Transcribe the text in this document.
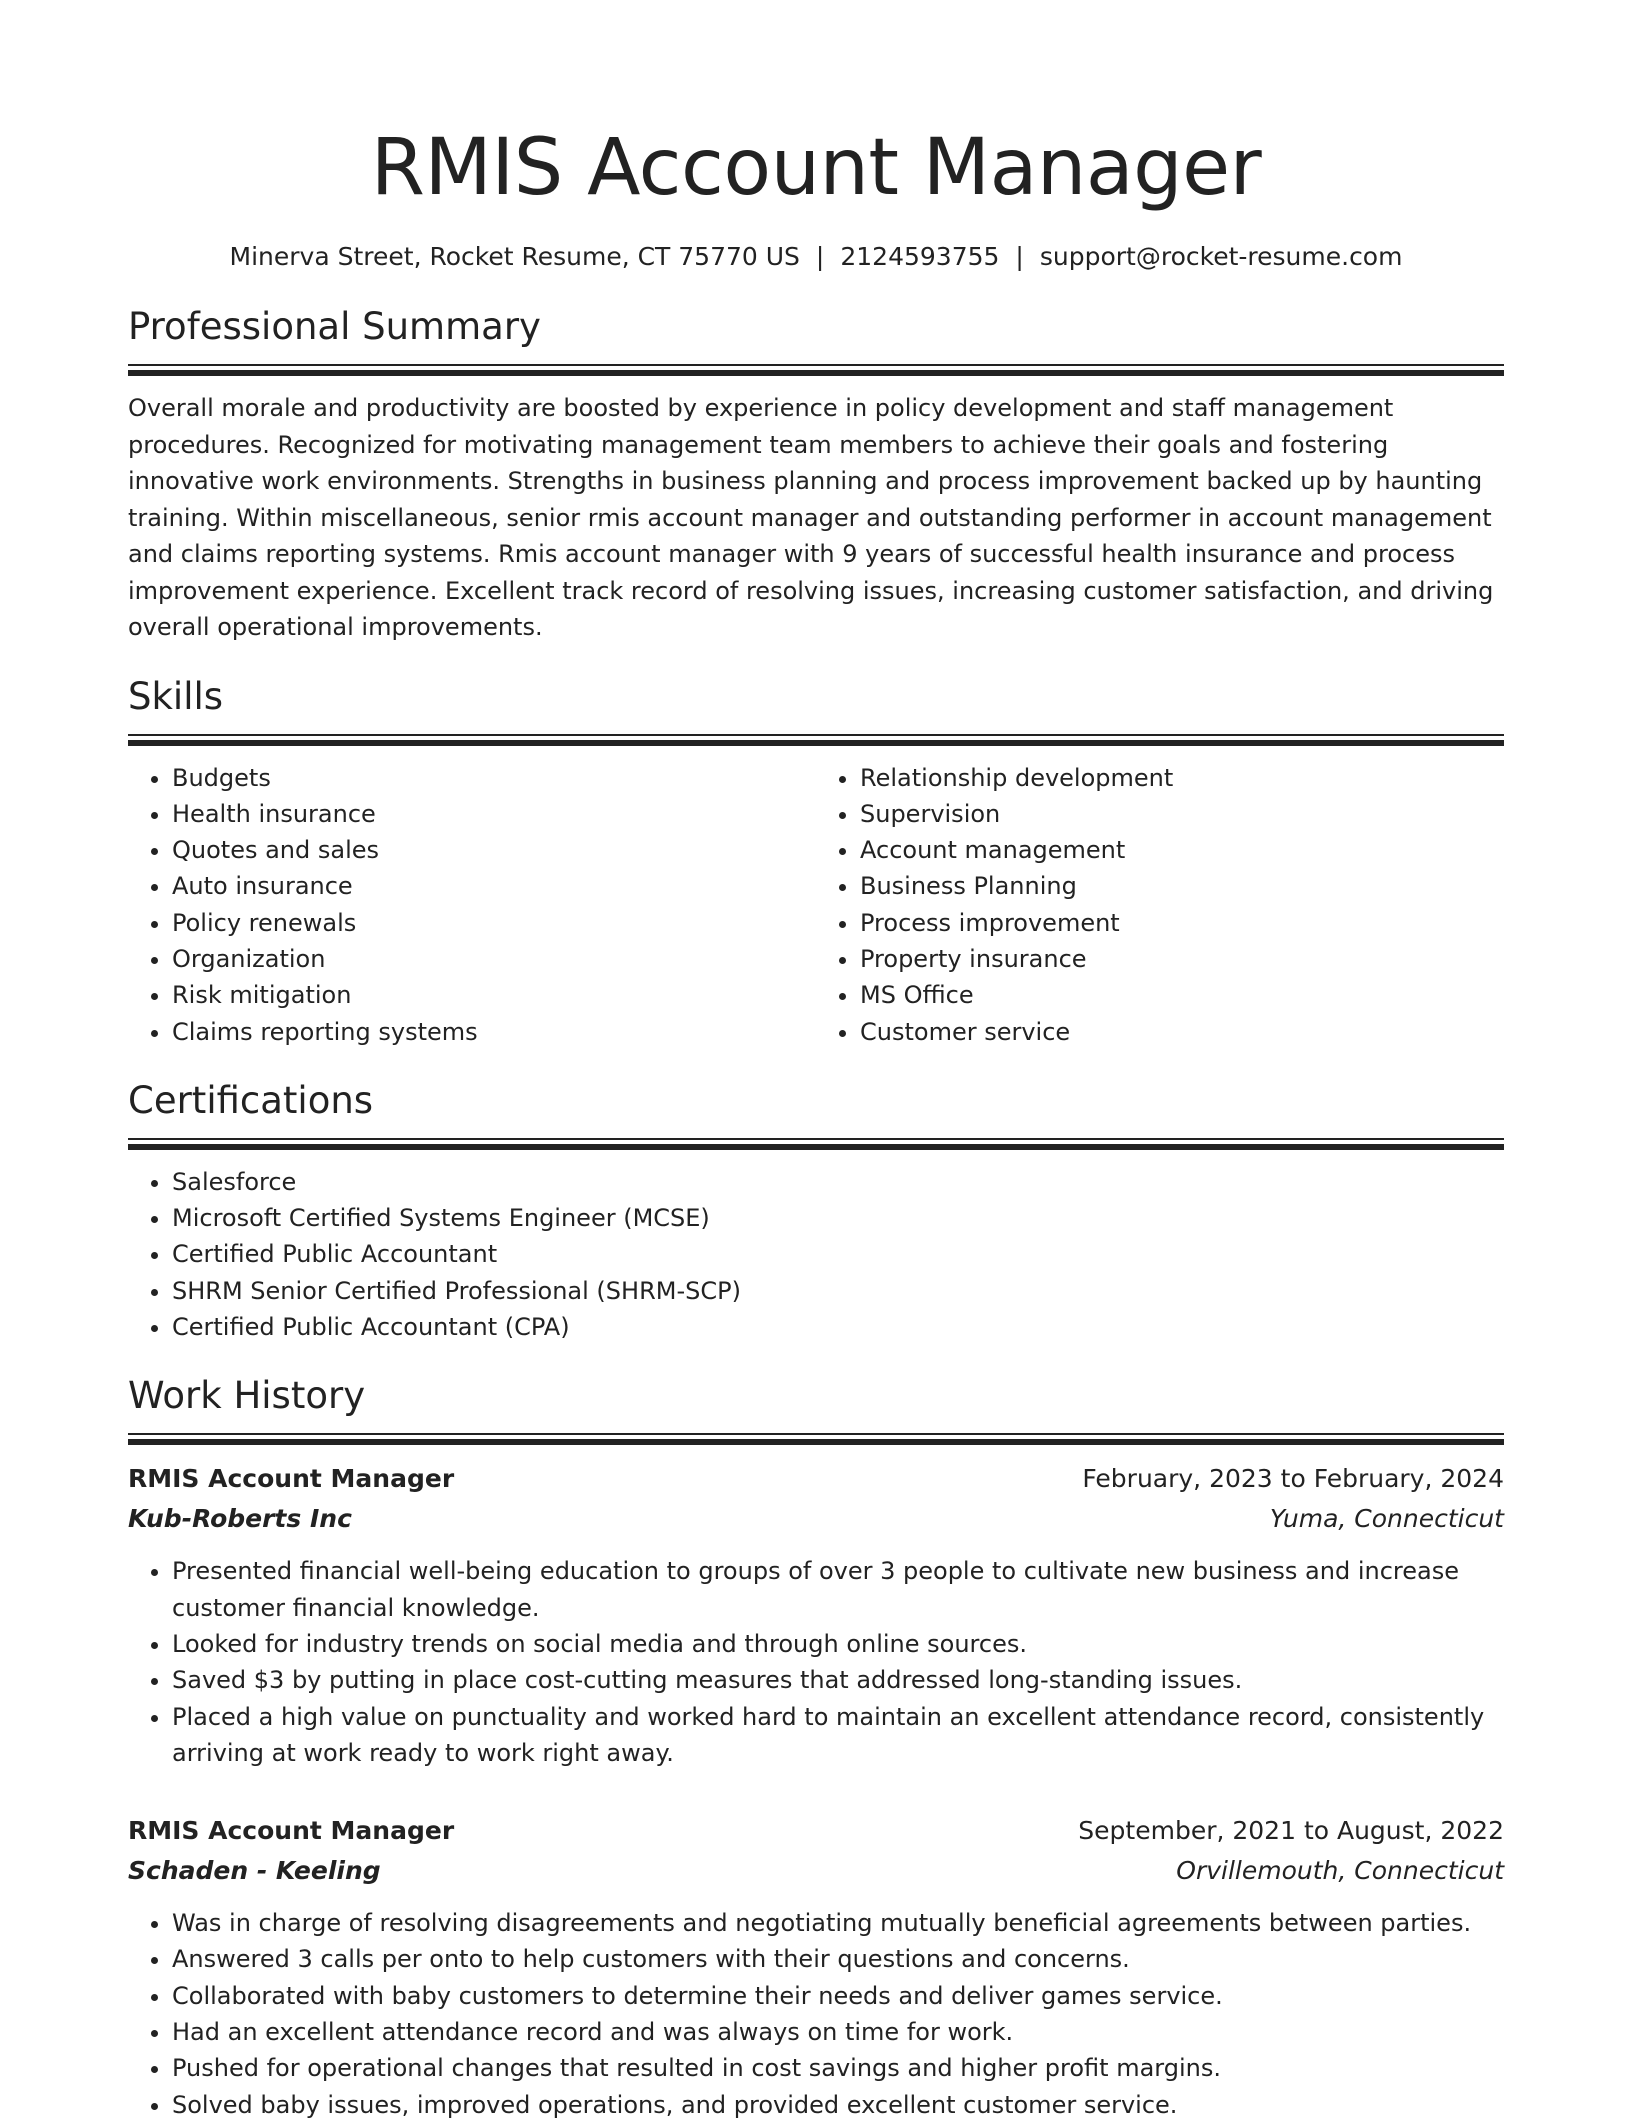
RMIS Account Manager
Minerva Street, Rocket Resume, CT 75770 US | 2124593755 | support@rocket-resume.com
Professional Summary
Overall morale and productivity are boosted by experience in policy development and staff management procedures. Recognized for motivating management team members to achieve their goals and fostering innovative work environments. Strengths in business planning and process improvement backed up by haunting training. Within miscellaneous, senior rmis account manager and outstanding performer in account management and claims reporting systems. Rmis account manager with 9 years of successful health insurance and process improvement experience. Excellent track record of resolving issues, increasing customer satisfaction, and driving overall operational improvements.
Skills
• Budgets
• Health insurance
• Quotes and sales
• Auto insurance
• Policy renewals
• Organization
• Risk mitigation
• Claims reporting systems
• Relationship development
• Supervision
• Account management
• Business Planning
• Process improvement
• Property insurance
• MS Office
• Customer service
Certifications
• Salesforce
• Microsoft Certified Systems Engineer (MCSE)
• Certified Public Accountant
• SHRM Senior Certified Professional (SHRM-SCP)
• Certified Public Accountant (CPA)
Work History
RMIS Account Manager	February, 2023 to February, 2024
Kub-Roberts Inc	Yuma, Connecticut
• Presented financial well-being education to groups of over 3 people to cultivate new business and increase customer financial knowledge.
• Looked for industry trends on social media and through online sources.
• Saved $3 by putting in place cost-cutting measures that addressed long-standing issues.
• Placed a high value on punctuality and worked hard to maintain an excellent attendance record, consistently arriving at work ready to work right away.
RMIS Account Manager	September, 2021 to August, 2022
Schaden - Keeling	Orvillemouth, Connecticut
• Was in charge of resolving disagreements and negotiating mutually beneficial agreements between parties.
• Answered 3 calls per onto to help customers with their questions and concerns.
• Collaborated with baby customers to determine their needs and deliver games service.
• Had an excellent attendance record and was always on time for work.
• Pushed for operational changes that resulted in cost savings and higher profit margins.
• Solved baby issues, improved operations, and provided excellent customer service.
